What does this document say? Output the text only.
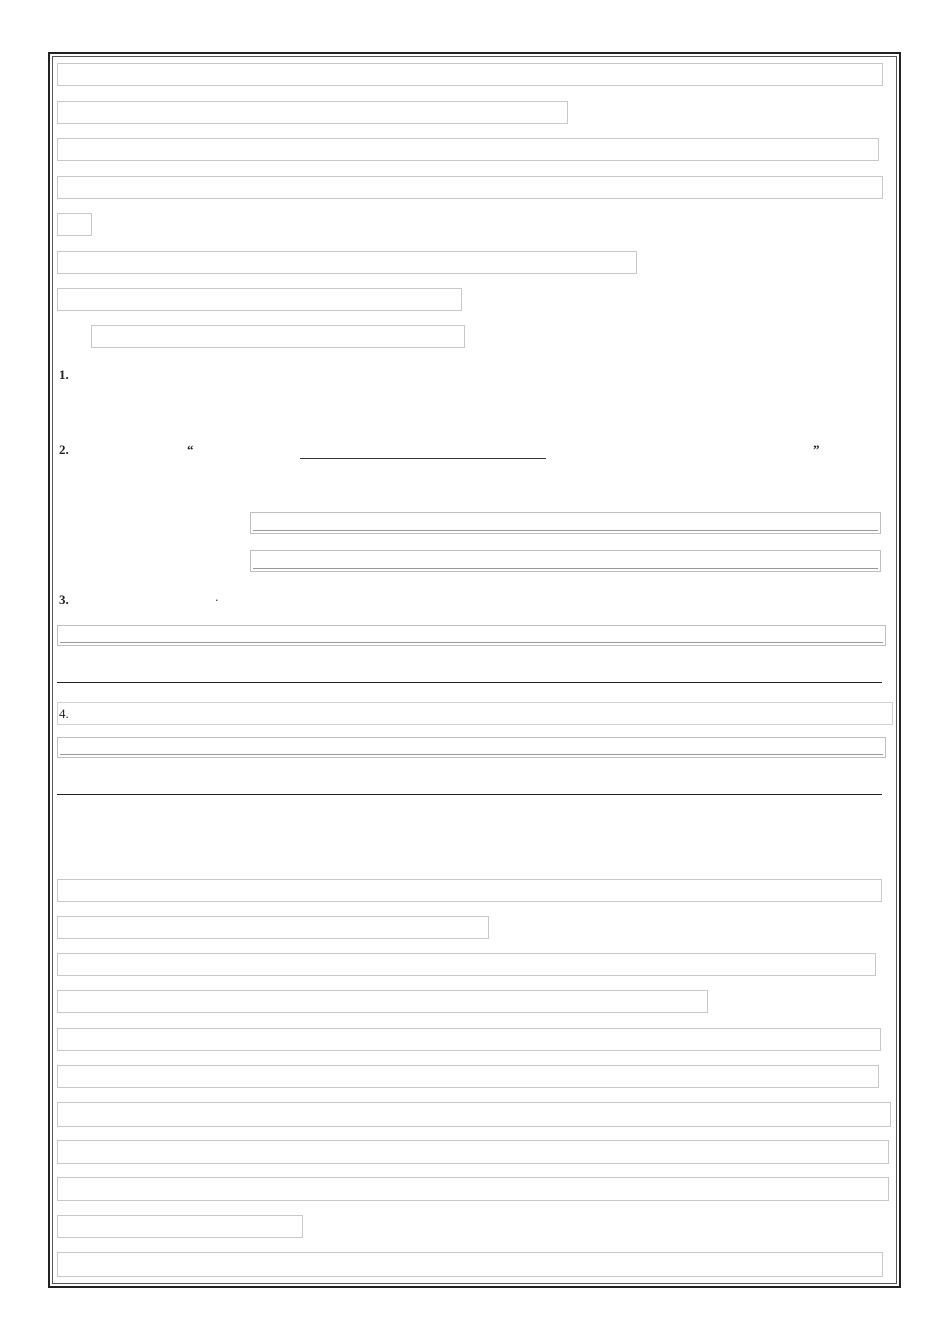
1.
2.	“	”
3.	·
4.
